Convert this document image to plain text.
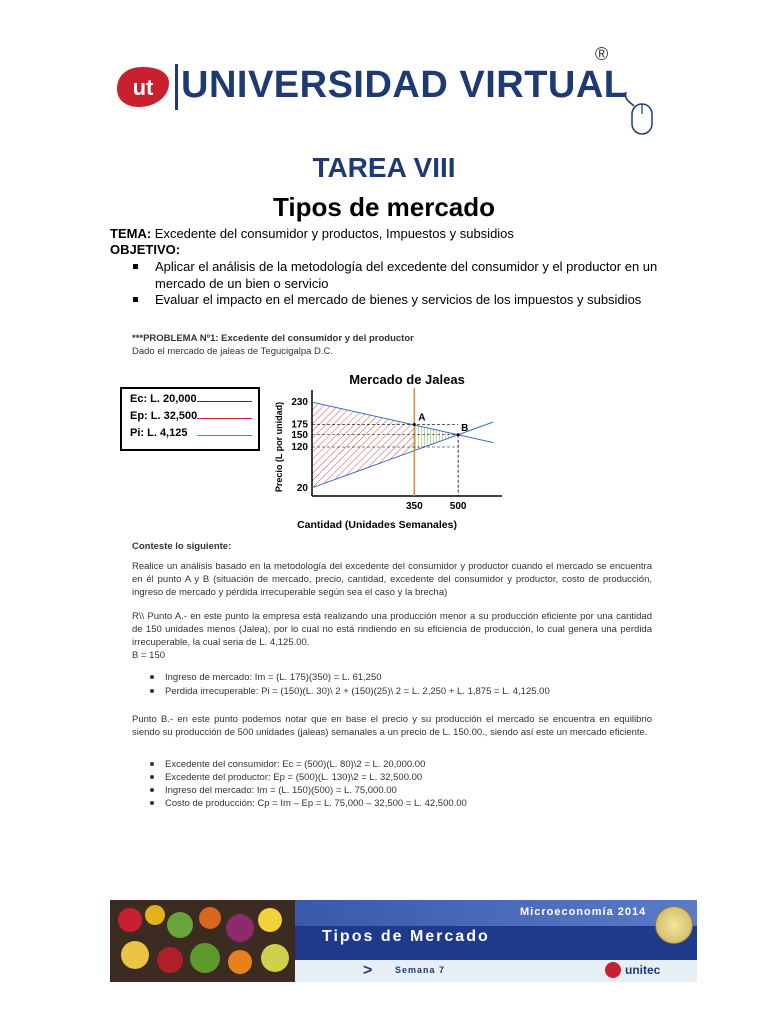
ut UNIVERSIDAD VIRTUAL
®
TAREA VIII
Tipos de mercado
TEMA: Excedente del consumidor y productos, Impuestos y subsidios
OBJETIVO:
Aplicar el análisis de la metodología del excedente del consumidor y el productor en un mercado de un bien o servicio
Evaluar el impacto en el mercado de bienes y servicios de los impuestos y subsidios
***PROBLEMA Nº1: Excedente del consumidor y del productor
Dado el mercado de jaleas de Tegucigalpa D.C.
Ec: L. 20,000
Ep: L. 32,500
Pi: L. 4,125
20
120
150
175
230
350	500
A
B
Mercado de Jaleas
Cantidad (Unidades Semanales)
Precio (L por unidad)
Conteste lo siguiente:
Realice un análisis basado en la metodología del excedente del consumidor y productor cuando el mercado se encuentra en él punto A y B (situación de mercado, precio, cantidad, excedente del consumidor y productor, costo de producción, ingreso de mercado y pérdida irrecuperable según sea el caso y la brecha)
R\\ Punto A.- en este punto la empresa está realizando una producción menor a su producción eficiente por una cantidad de 150 unidades menos (Jalea), por lo cual no está rindiendo en su eficiencia de producción, lo cual genera una perdida irrecuperable, la cual seria de L. 4,125.00.
B = 150
Ingreso de mercado: Im = (L. 175)(350) = L. 61,250
Perdida irrecuperable: Pi = (150)(L. 30)\ 2 + (150)(25)\ 2 = L. 2,250 + L. 1,875 = L. 4,125.00
Punto B.- en este punto podemos notar que en base el precio y su producción el mercado se encuentra en equilibrio siendo su producción de 500 unidades (jaleas) semanales a un precio de L. 150.00., siendo así este un mercado eficiente.
Excedente del consumidor: Ec = (500)(L. 80)\2 = L. 20,000.00
Excedente del productor: Ep = (500)(L. 130)\2 = L. 32,500.00
Ingreso del mercado: Im = (L. 150)(500) = L. 75,000.00
Costo de producción: Cp = Im – Ep = L. 75,000 – 32,500 = L. 42,500.00
Microeconomía 2014
Tipos de Mercado
>	Semana 7	unitec
